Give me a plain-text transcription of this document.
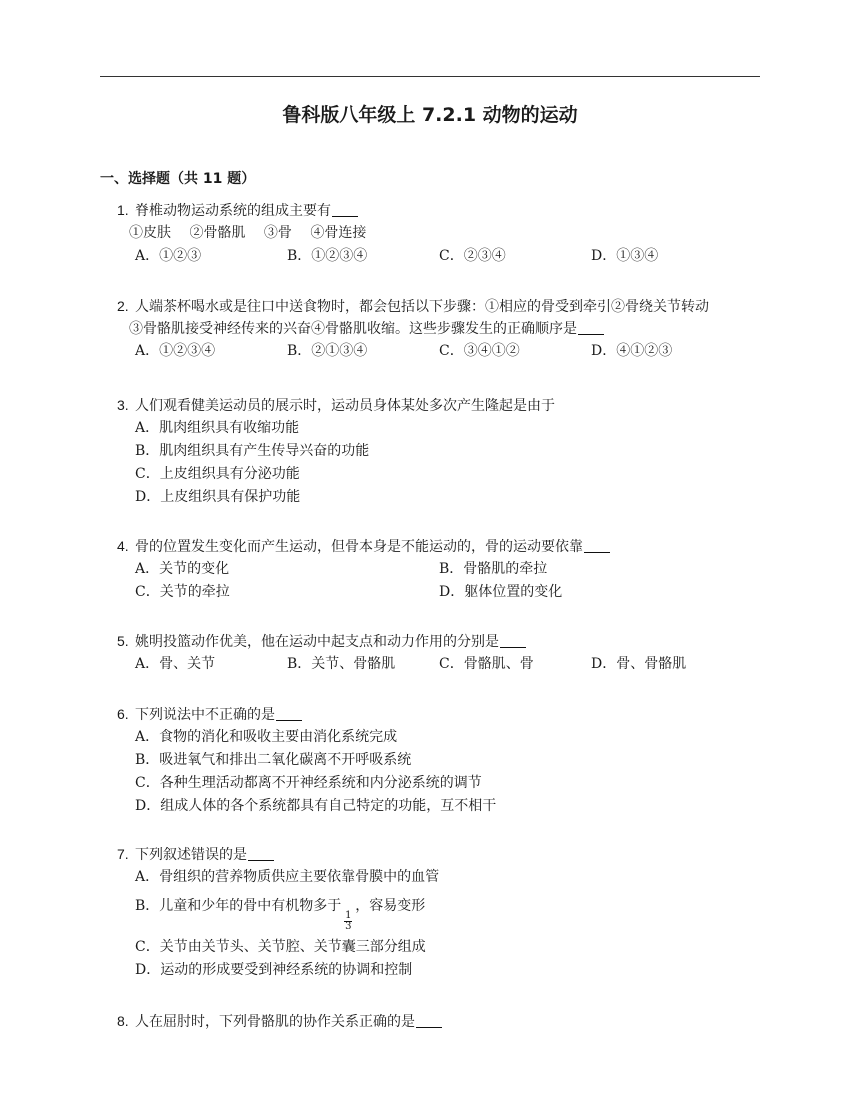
鲁科版八年级上 7.2.1 动物的运动
一、选择题（共 11 题）
1. 脊椎动物运动系统的组成主要有
①皮肤 ②骨骼肌 ③骨 ④骨连接
A．①②③	B．①②③④	C．②③④	D．①③④
2. 人端茶杯喝水或是往口中送食物时，都会包括以下步骤：①相应的骨受到牵引②骨绕关节转动
③骨骼肌接受神经传来的兴奋④骨骼肌收缩。这些步骤发生的正确顺序是
A．①②③④	B．②①③④	C．③④①②	D．④①②③
3. 人们观看健美运动员的展示时，运动员身体某处多次产生隆起是由于
A．肌肉组织具有收缩功能
B．肌肉组织具有产生传导兴奋的功能
C．上皮组织具有分泌功能
D．上皮组织具有保护功能
4. 骨的位置发生变化而产生运动，但骨本身是不能运动的，骨的运动要依靠
A．关节的变化	B．骨骼肌的牵拉
C．关节的牵拉	D．躯体位置的变化
5. 姚明投篮动作优美，他在运动中起支点和动力作用的分别是
A．骨、关节	B．关节、骨骼肌	C．骨骼肌、骨	D．骨、骨骼肌
6. 下列说法中不正确的是
A．食物的消化和吸收主要由消化系统完成
B．吸进氧气和排出二氧化碳离不开呼吸系统
C．各种生理活动都离不开神经系统和内分泌系统的调节
D．组成人体的各个系统都具有自己特定的功能，互不相干
7. 下列叙述错误的是
A．骨组织的营养物质供应主要依靠骨膜中的血管
B．儿童和少年的骨中有机物多于
$\frac{1}{3}$
，容易变形
C．关节由关节头、关节腔、关节囊三部分组成
D．运动的形成要受到神经系统的协调和控制
8. 人在屈肘时，下列骨骼肌的协作关系正确的是
